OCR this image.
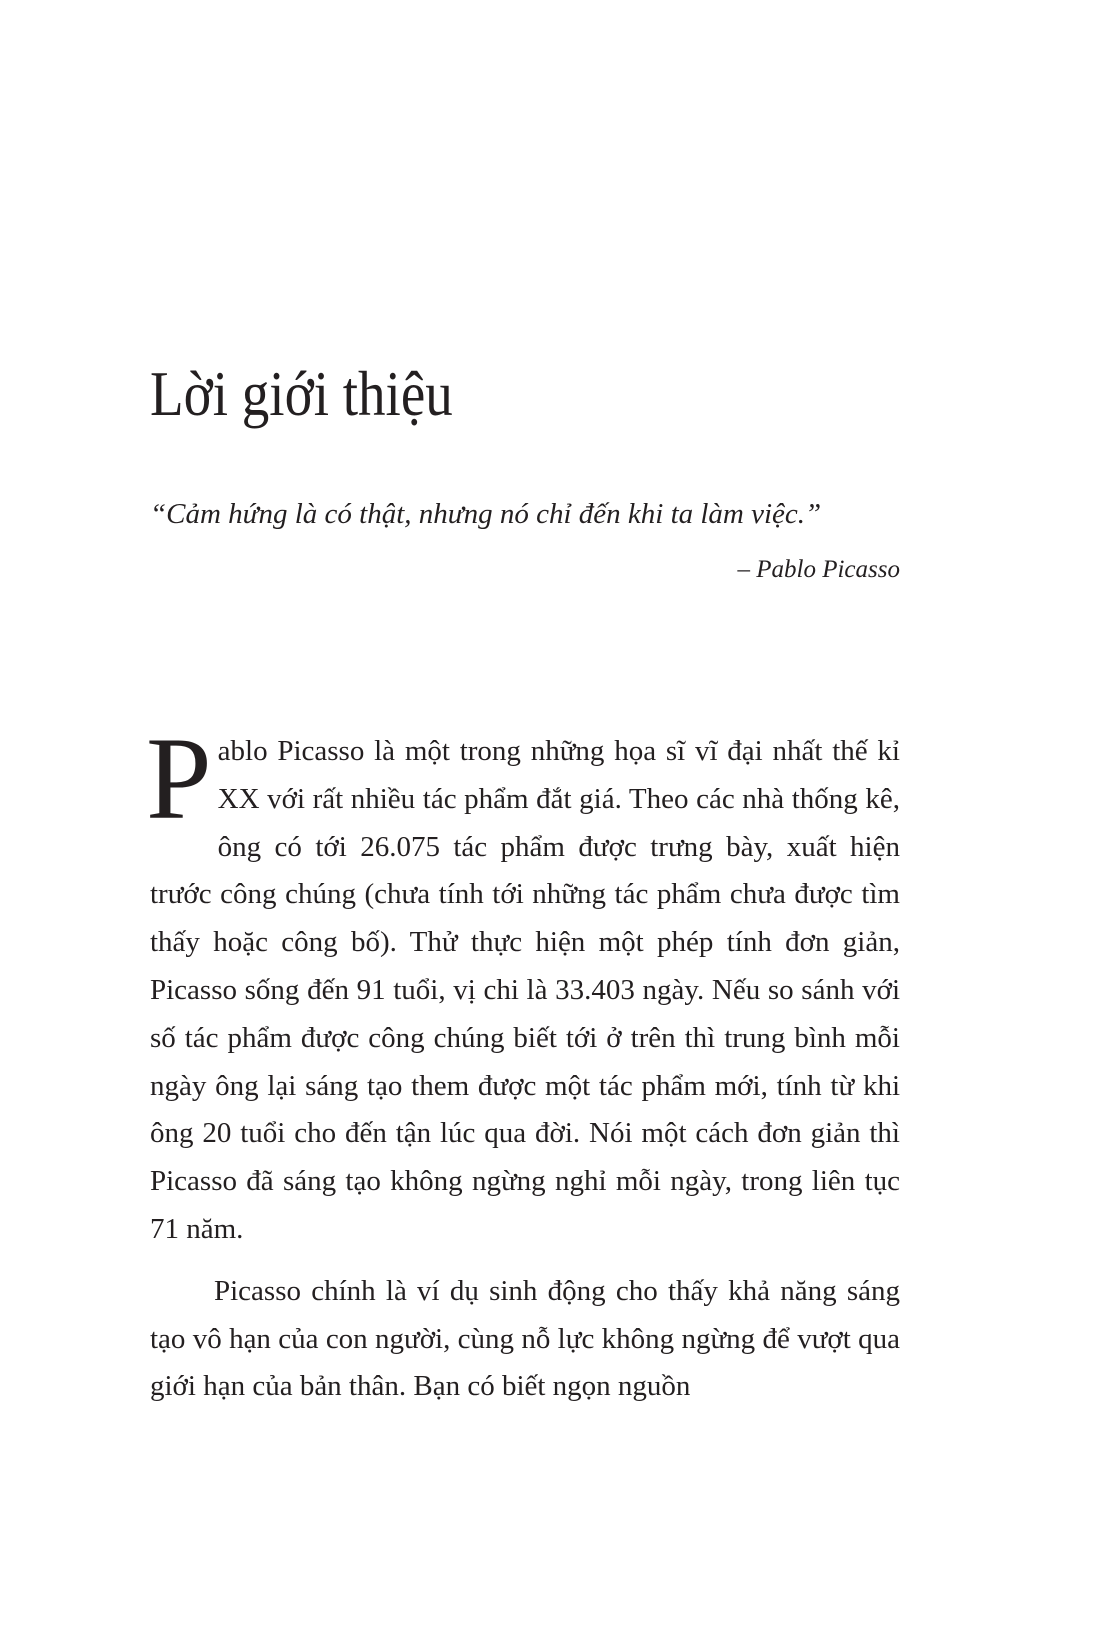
Lời giới thiệu

“Cảm hứng là có thật, nhưng nó chỉ đến khi ta làm việc.”

– Pablo Picasso

Pablo Picasso là một trong những họa sĩ vĩ đại nhất thế kỉ XX với rất nhiều tác phẩm đắt giá. Theo các nhà thống kê, ông có tới 26.075 tác phẩm được trưng bày, xuất hiện trước công chúng (chưa tính tới những tác phẩm chưa được tìm thấy hoặc công bố). Thử thực hiện một phép tính đơn giản, Picasso sống đến 91 tuổi, vị chi là 33.403 ngày. Nếu so sánh với số tác phẩm được công chúng biết tới ở trên thì trung bình mỗi ngày ông lại sáng tạo them được một tác phẩm mới, tính từ khi ông 20 tuổi cho đến tận lúc qua đời. Nói một cách đơn giản thì Picasso đã sáng tạo không ngừng nghỉ mỗi ngày, trong liên tục 71 năm.

Picasso chính là ví dụ sinh động cho thấy khả năng sáng tạo vô hạn của con người, cùng nỗ lực không ngừng để vượt qua giới hạn của bản thân. Bạn có biết ngọn nguồn
